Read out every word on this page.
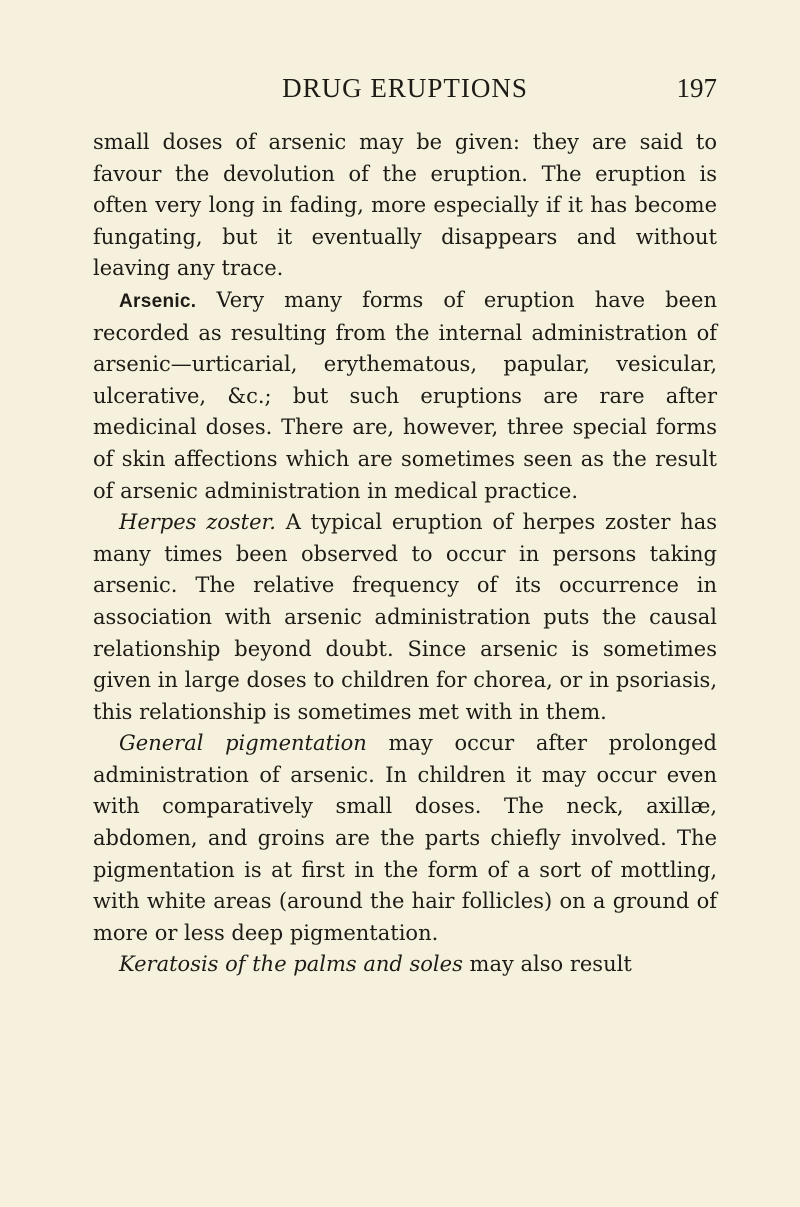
DRUG ERUPTIONS	197

small doses of arsenic may be given: they are said to favour the devolution of the eruption. The eruption is often very long in fading, more especially if it has become fungating, but it eventually disappears and without leaving any trace.

Arsenic. Very many forms of eruption have been recorded as resulting from the internal administration of arsenic—urticarial, erythematous, papular, vesicular, ulcerative, &c.; but such eruptions are rare after medicinal doses. There are, however, three special forms of skin affections which are sometimes seen as the result of arsenic administration in medical practice.

Herpes zoster. A typical eruption of herpes zoster has many times been observed to occur in persons taking arsenic. The relative frequency of its occurrence in association with arsenic administration puts the causal relationship beyond doubt. Since arsenic is sometimes given in large doses to children for chorea, or in psoriasis, this relationship is sometimes met with in them.

General pigmentation may occur after prolonged administration of arsenic. In children it may occur even with comparatively small doses. The neck, axillæ, abdomen, and groins are the parts chiefly involved. The pigmentation is at first in the form of a sort of mottling, with white areas (around the hair follicles) on a ground of more or less deep pigmentation.

Keratosis of the palms and soles may also result
